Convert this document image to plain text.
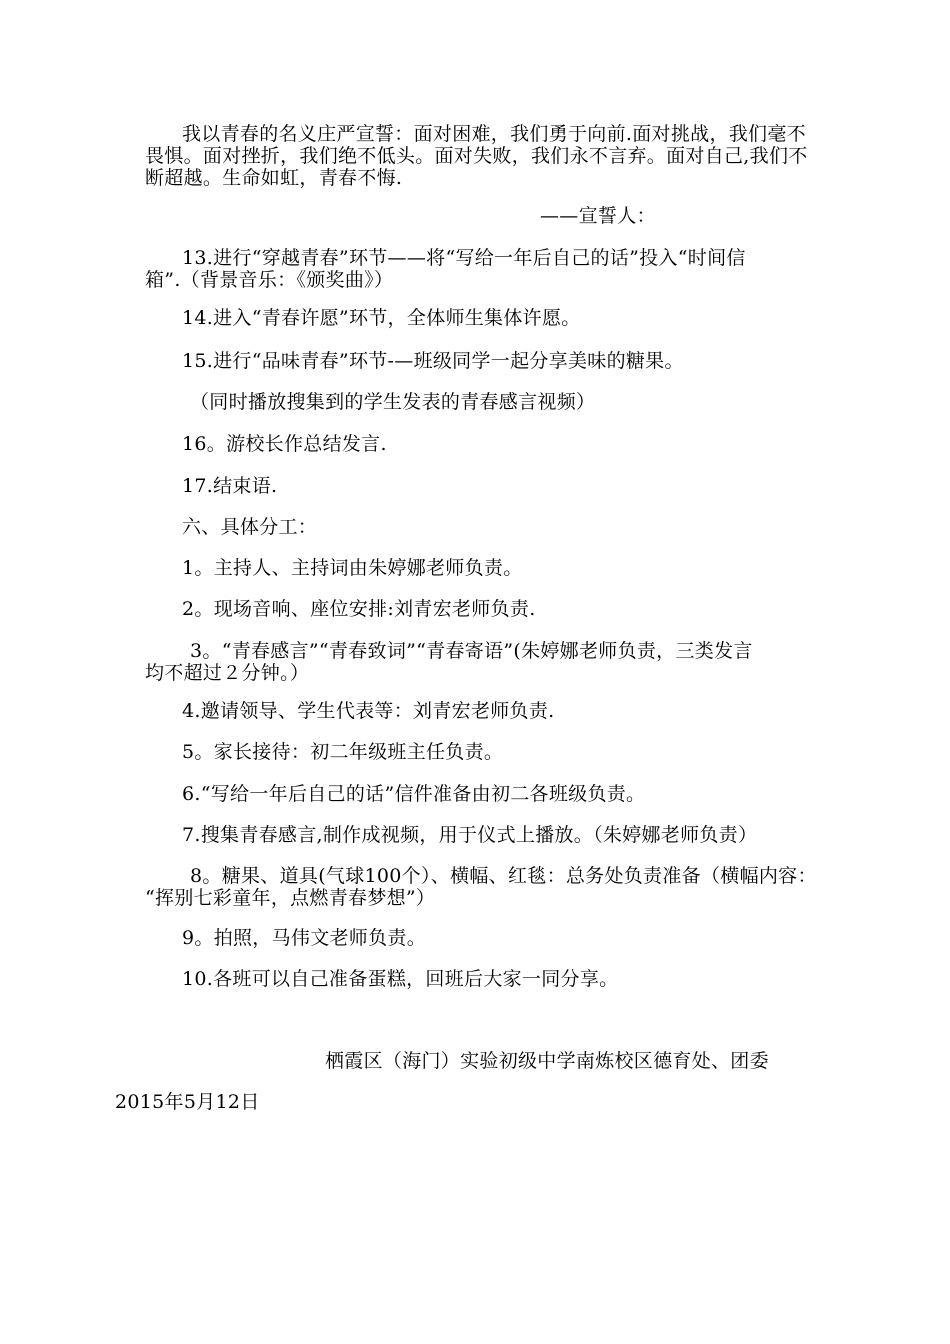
我以青春的名义庄严宣誓：面对困难，我们勇于向前.面对挑战，我们毫不

畏惧。面对挫折，我们绝不低头。面对失败，我们永不言弃。面对自己,我们不

断超越。生命如虹，青春不悔.

——宣誓人：

13.进行“穿越青春”环节——将“写给一年后自己的话”投入“时间信

箱”.（背景音乐：《颁奖曲》）

14.进入“青春许愿”环节，全体师生集体许愿。

15.进行“品味青春”环节-—班级同学一起分享美味的糖果。

（同时播放搜集到的学生发表的青春感言视频）

16。游校长作总结发言.

17.结束语.

六、具体分工：

1。主持人、主持词由朱婷娜老师负责。

2。现场音响、座位安排:刘青宏老师负责.

3。“青春感言”“青春致词”“青春寄语”(朱婷娜老师负责，三类发言

均不超过２分钟。）

4.邀请领导、学生代表等：刘青宏老师负责.

5。家长接待：初二年级班主任负责。

6.“写给一年后自己的话”信件准备由初二各班级负责。

7.搜集青春感言,制作成视频，用于仪式上播放。（朱婷娜老师负责）

8。糖果、道具(气球100个）、横幅、红毯：总务处负责准备（横幅内容：

“挥别七彩童年，点燃青春梦想”）

9。拍照，马伟文老师负责。

10.各班可以自己准备蛋糕，回班后大家一同分享。

栖霞区（海门）实验初级中学南炼校区德育处、团委

2015年5月12日
